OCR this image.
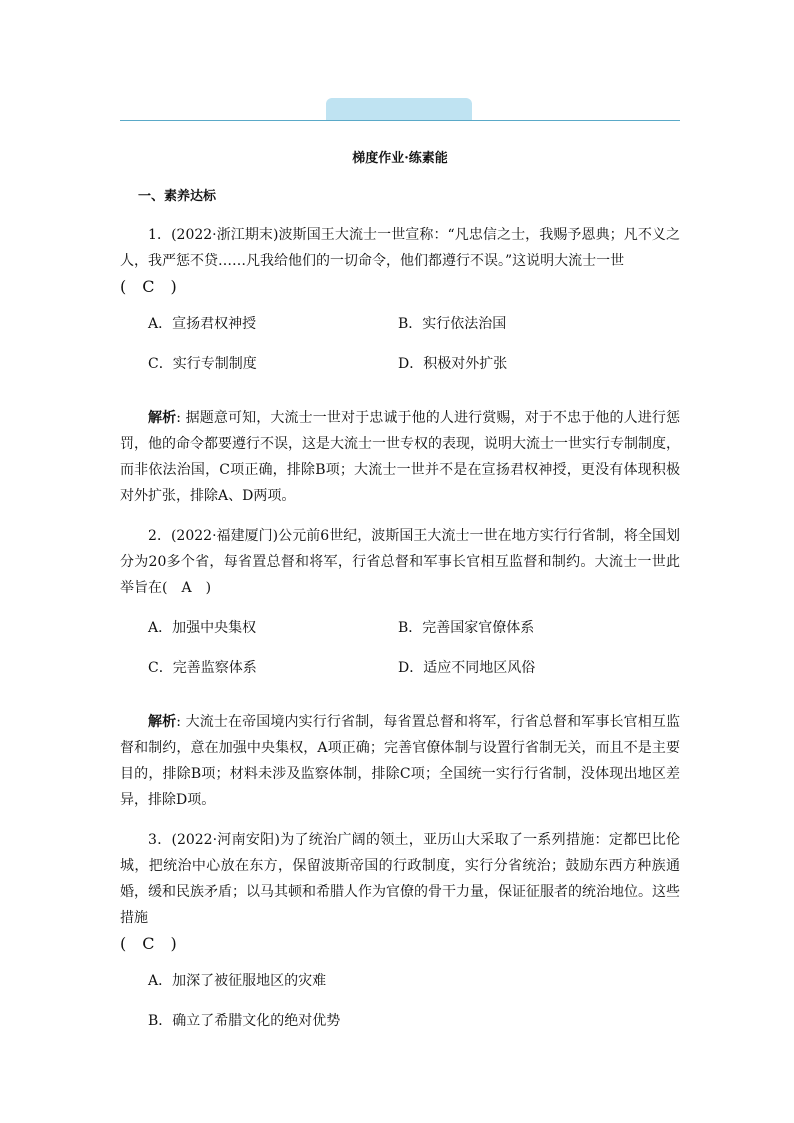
梯度作业·练素能
一、素养达标

1．(2022·浙江期末)波斯国王大流士一世宣称：“凡忠信之士，我赐予恩典；凡不义之人，我严惩不贷……凡我给他们的一切命令，他们都遵行不误。”这说明大流士一世

(　C　)
A．宣扬君权神授	B．实行依法治国
C．实行专制制度	D．积极对外扩张

解析: 据题意可知，大流士一世对于忠诚于他的人进行赏赐，对于不忠于他的人进行惩罚，他的命令都要遵行不误，这是大流士一世专权的表现，说明大流士一世实行专制制度，而非依法治国，C项正确，排除B项；大流士一世并不是在宣扬君权神授，更没有体现积极对外扩张，排除A、D两项。

2．(2022·福建厦门)公元前6世纪，波斯国王大流士一世在地方实行行省制，将全国划分为20多个省，每省置总督和将军，行省总督和军事长官相互监督和制约。大流士一世此举旨在(　A　)

A．加强中央集权	B．完善国家官僚体系
C．完善监察体系	D．适应不同地区风俗

解析: 大流士在帝国境内实行行省制，每省置总督和将军，行省总督和军事长官相互监督和制约，意在加强中央集权，A项正确；完善官僚体制与设置行省制无关，而且不是主要目的，排除B项；材料未涉及监察体制，排除C项；全国统一实行行省制，没体现出地区差异，排除D项。

3．(2022·河南安阳)为了统治广阔的领土，亚历山大采取了一系列措施：定都巴比伦城，把统治中心放在东方，保留波斯帝国的行政制度，实行分省统治；鼓励东西方种族通婚，缓和民族矛盾；以马其顿和希腊人作为官僚的骨干力量，保证征服者的统治地位。这些措施

(　C　)
A．加深了被征服地区的灾难
B．确立了希腊文化的绝对优势
